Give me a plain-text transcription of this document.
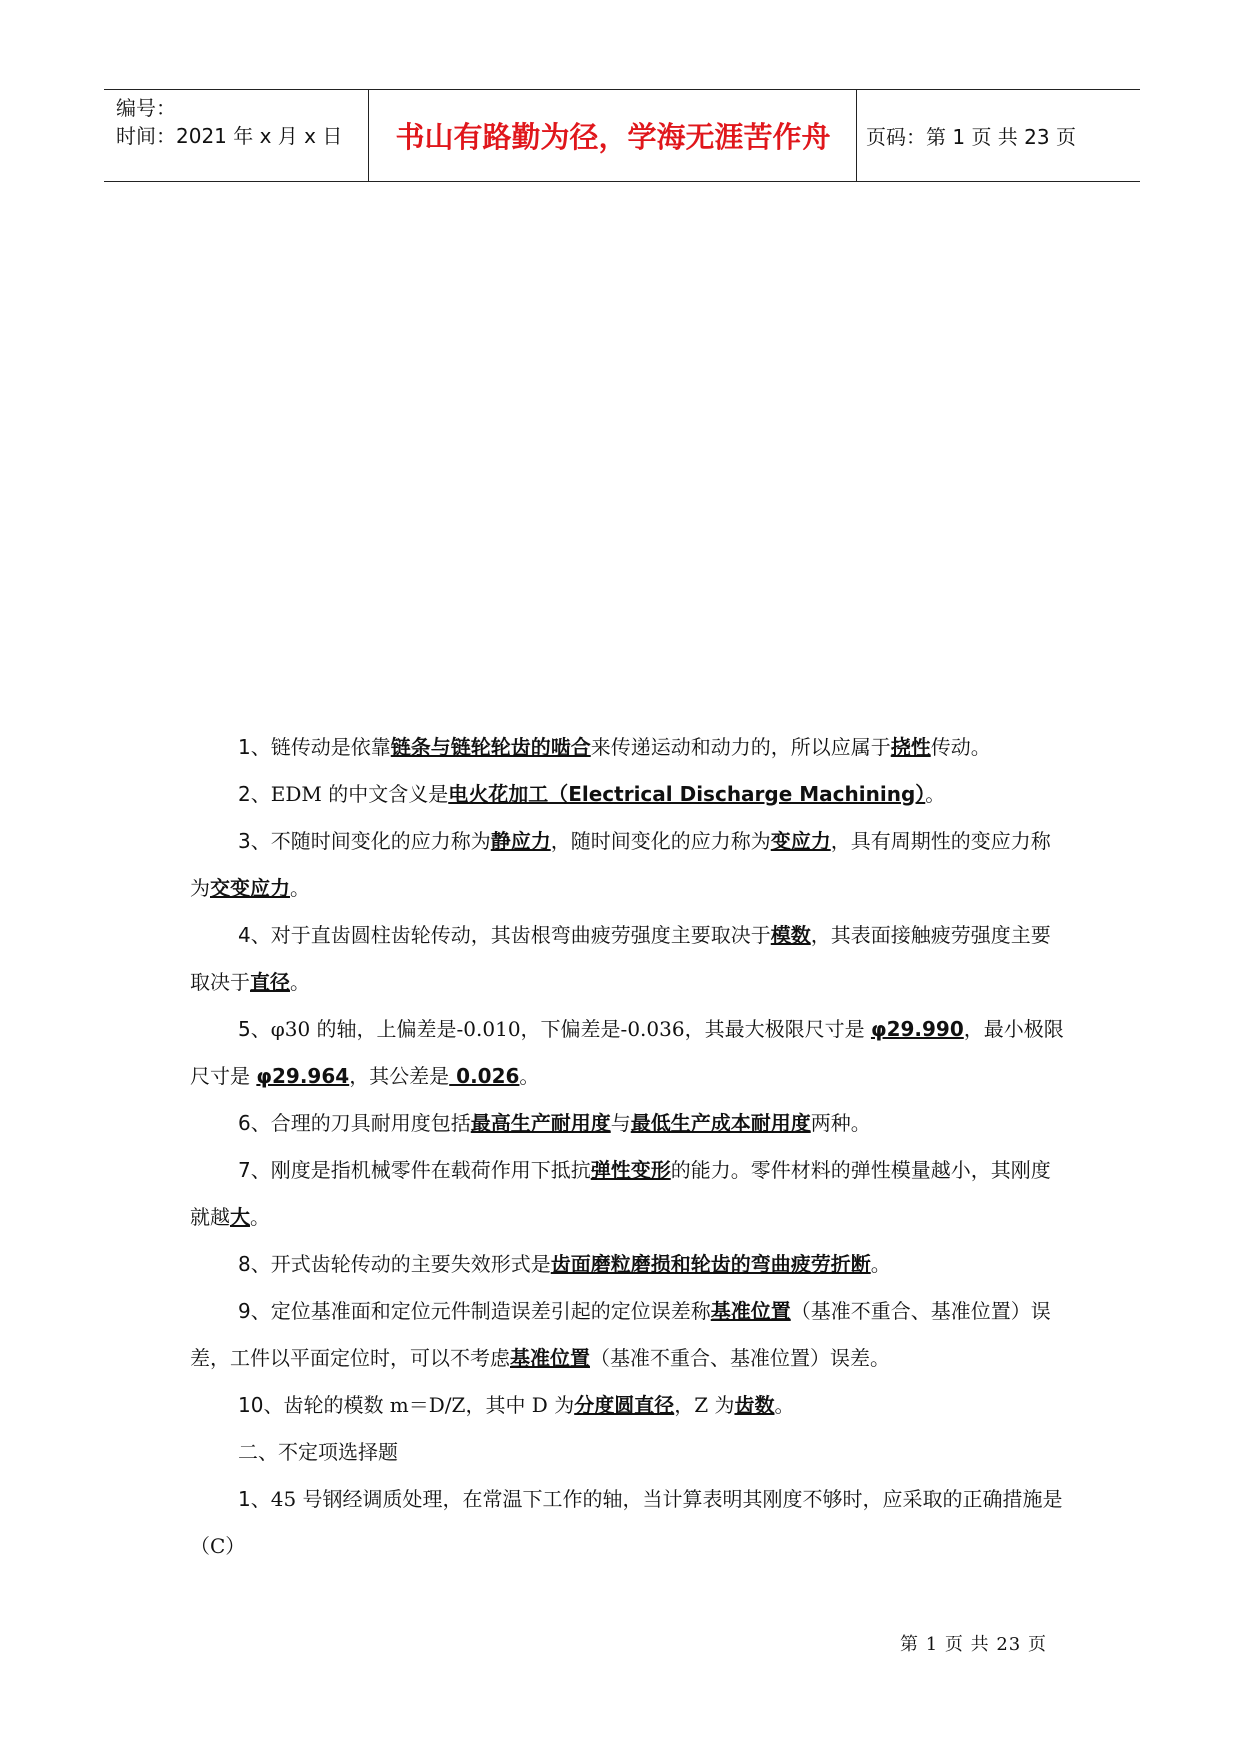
编号：
时间：2021 年 x 月 x 日	书山有路勤为径，学海无涯苦作舟	页码：第 1 页 共 23 页

1、链传动是依靠链条与链轮轮齿的啮合来传递运动和动力的，所以应属于挠性传动。

2、EDM 的中文含义是电火花加工（Electrical Discharge Machining）。

3、不随时间变化的应力称为静应力，随时间变化的应力称为变应力，具有周期性的变应力称为交变应力。

4、对于直齿圆柱齿轮传动，其齿根弯曲疲劳强度主要取决于模数，其表面接触疲劳强度主要取决于直径。

5、φ30 的轴，上偏差是-0.010，下偏差是-0.036，其最大极限尺寸是 φ29.990，最小极限尺寸是 φ29.964，其公差是 0.026。

6、合理的刀具耐用度包括最高生产耐用度与最低生产成本耐用度两种。

7、刚度是指机械零件在载荷作用下抵抗弹性变形的能力。零件材料的弹性模量越小，其刚度就越大。

8、开式齿轮传动的主要失效形式是齿面磨粒磨损和轮齿的弯曲疲劳折断。

9、定位基准面和定位元件制造误差引起的定位误差称基准位置（基准不重合、基准位置）误差，工件以平面定位时，可以不考虑基准位置（基准不重合、基准位置）误差。

10、齿轮的模数 m＝D/Z，其中 D 为分度圆直径，Z 为齿数。

二、不定项选择题

1、45 号钢经调质处理，在常温下工作的轴，当计算表明其刚度不够时，应采取的正确措施是（C）

第 1 页 共 23 页
